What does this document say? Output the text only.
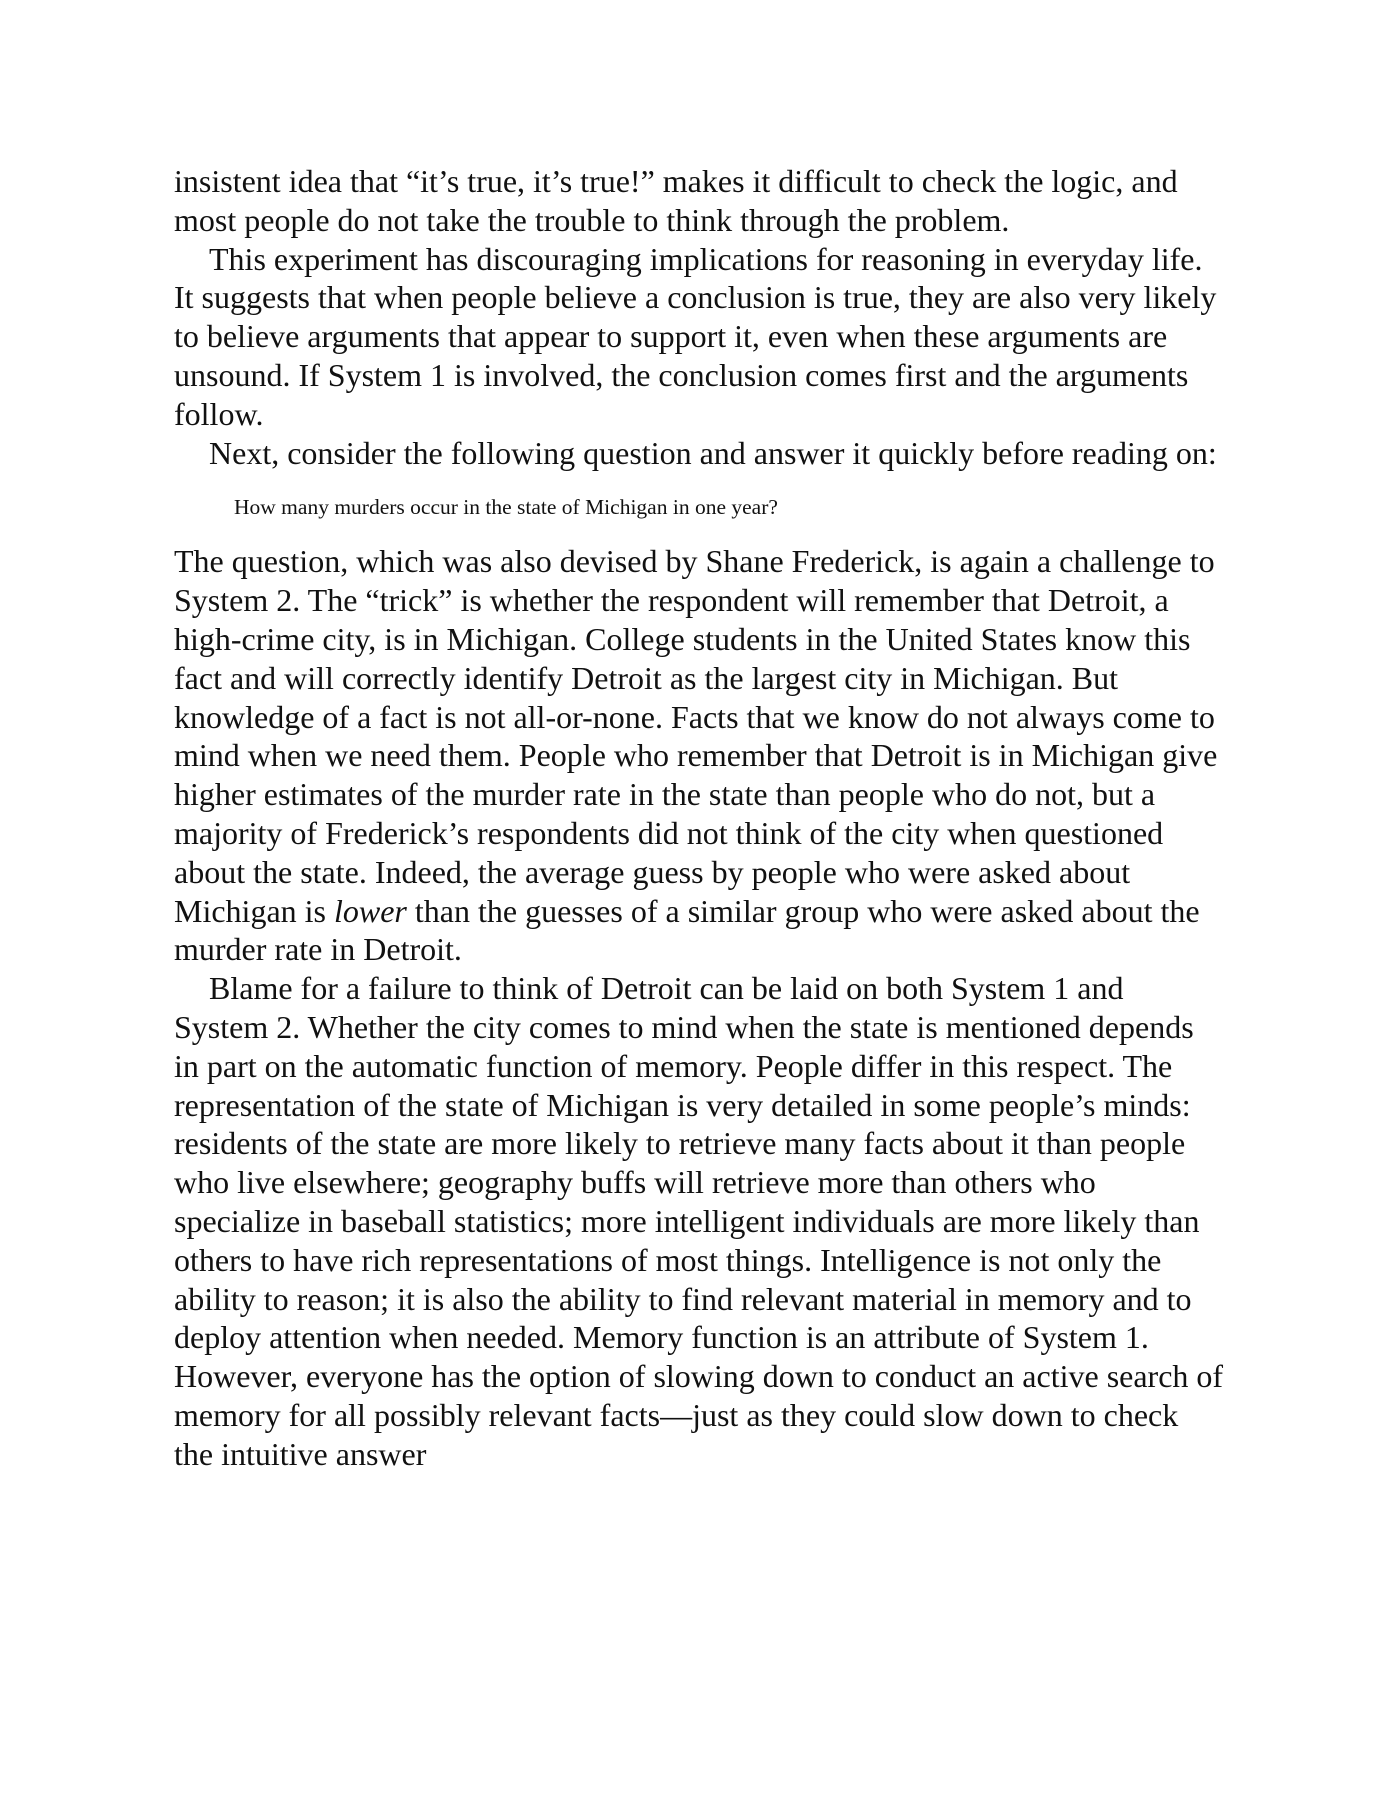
insistent idea that “it’s true, it’s true!” makes it difficult to check the logic, and most people do not take the trouble to think through the problem.

This experiment has discouraging implications for reasoning in everyday life. It suggests that when people believe a conclusion is true, they are also very likely to believe arguments that appear to support it, even when these arguments are unsound. If System 1 is involved, the conclusion comes first and the arguments follow.

Next, consider the following question and answer it quickly before reading on:

How many murders occur in the state of Michigan in one year?

The question, which was also devised by Shane Frederick, is again a challenge to System 2. The “trick” is whether the respondent will remember that Detroit, a high-crime city, is in Michigan. College students in the United States know this fact and will correctly identify Detroit as the largest city in Michigan. But knowledge of a fact is not all-or-none. Facts that we know do not always come to mind when we need them. People who remember that Detroit is in Michigan give higher estimates of the murder rate in the state than people who do not, but a majority of Frederick’s respondents did not think of the city when questioned about the state. Indeed, the average guess by people who were asked about Michigan is lower than the guesses of a similar group who were asked about the murder rate in Detroit.

Blame for a failure to think of Detroit can be laid on both System 1 and System 2. Whether the city comes to mind when the state is mentioned depends in part on the automatic function of memory. People differ in this respect. The representation of the state of Michigan is very detailed in some people’s minds: residents of the state are more likely to retrieve many facts about it than people who live elsewhere; geography buffs will retrieve more than others who specialize in baseball statistics; more intelligent individuals are more likely than others to have rich representations of most things. Intelligence is not only the ability to reason; it is also the ability to find relevant material in memory and to deploy attention when needed. Memory function is an attribute of System 1. However, everyone has the option of slowing down to conduct an active search of memory for all possibly relevant facts—just as they could slow down to check the intuitive answer
